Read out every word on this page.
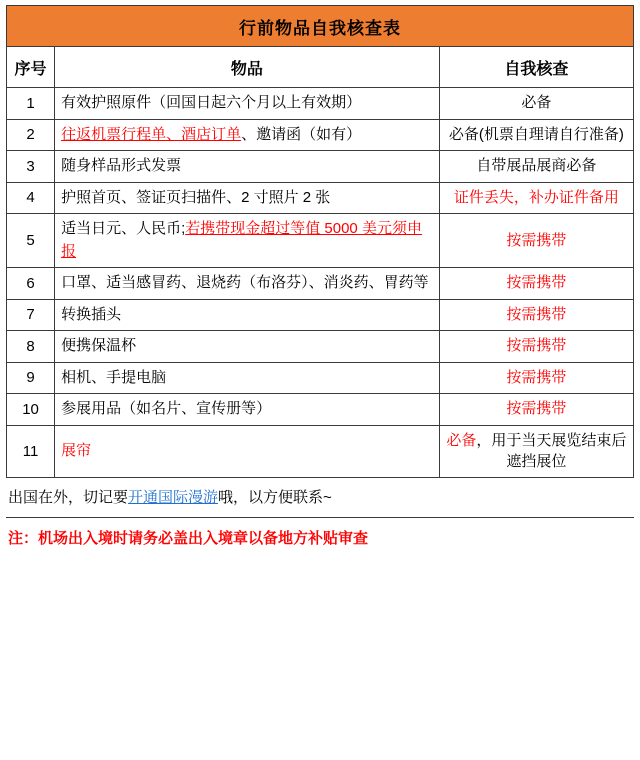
行前物品自我核查表		
序号	物品	自我核查
1	有效护照原件（回国日起六个月以上有效期）	必备
2	往返机票行程单、酒店订单、邀请函（如有）	必备(机票自理请自行准备)
3	随身样品形式发票	自带展品展商必备
4	护照首页、签证页扫描件、2 寸照片 2 张	证件丢失，补办证件备用
5	适当日元、人民币;若携带现金超过等值 5000 美元须申报	按需携带
6	口罩、适当感冒药、退烧药（布洛芬）、消炎药、胃药等	按需携带
7	转换插头	按需携带
8	便携保温杯	按需携带
9	相机、手提电脑	按需携带
10	参展用品（如名片、宣传册等）	按需携带
11	展帘	必备，用于当天展览结束后遮挡展位
出国在外，切记要开通国际漫游哦，以方便联系~
注：机场出入境时请务必盖出入境章以备地方补贴审查
